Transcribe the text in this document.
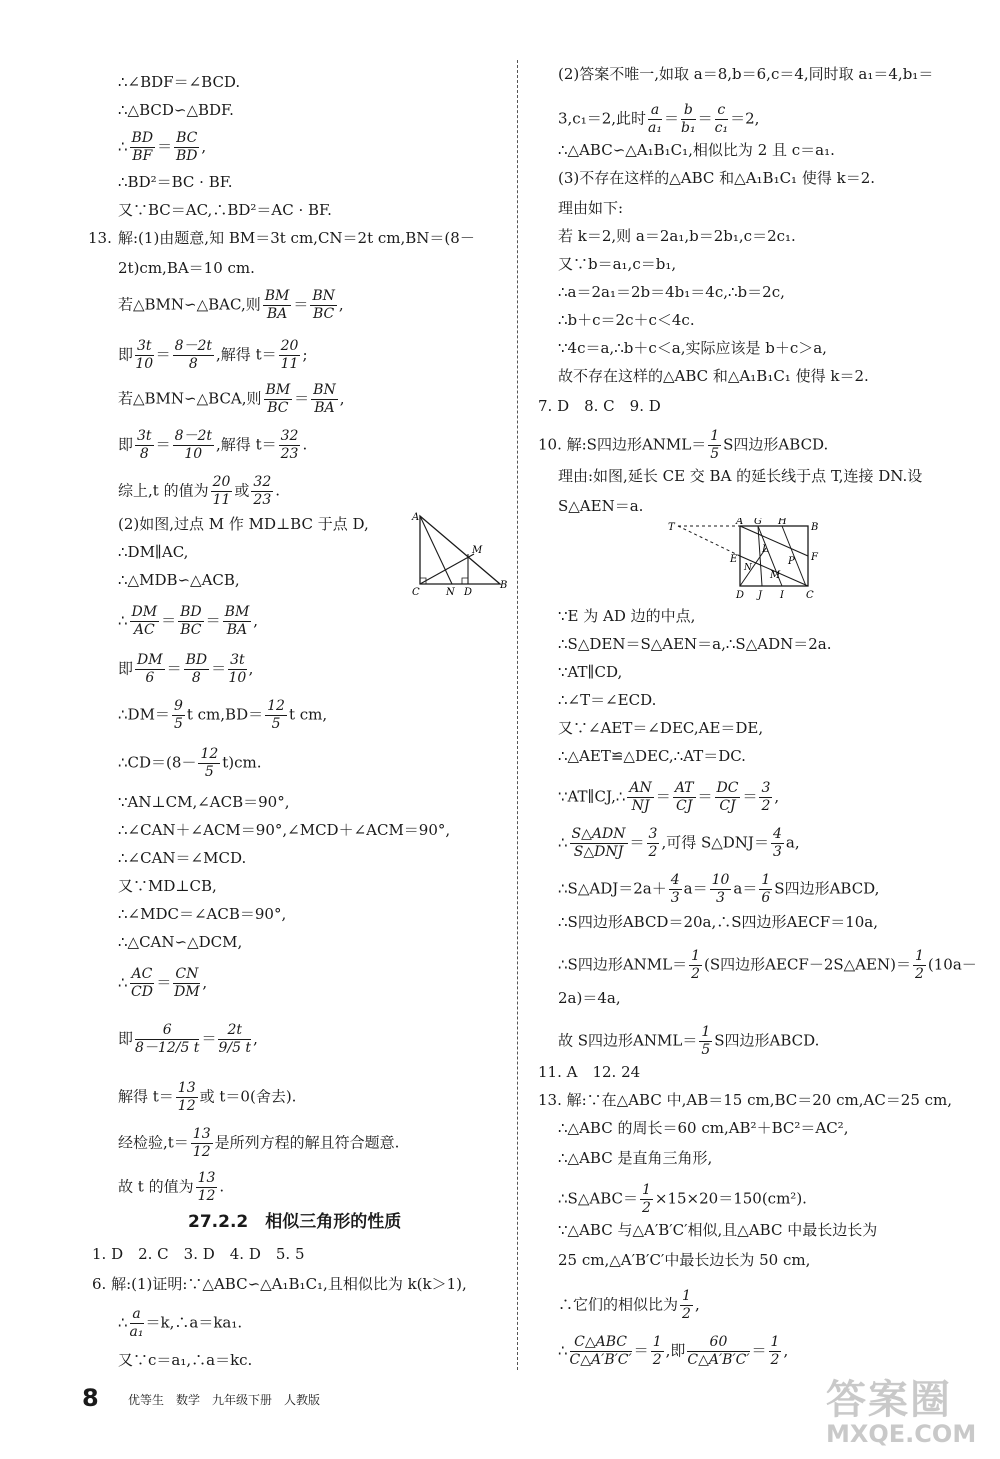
∴∠BDF＝∠BCD.
∴△BCD∽△BDF.
∴ $\frac{BD}{BF} = \frac{BC}{BD}$ ,
∴BD²＝BC · BF.
又∵BC＝AC,∴BD²＝AC · BF.
13. 解:(1)由题意,知 BM＝3t cm,CN＝2t cm,BN＝(8－
2t)cm,BA＝10 cm.
若△BMN∽△BAC,则 $\frac{BM}{BA} = \frac{BN}{BC}$ ,
即 $\frac{3t}{10} = \frac{8-2t}{8}$ ,解得 $t= \frac{20}{11}$ ;
若△BMN∽△BCA,则 $\frac{BM}{BC} = \frac{BN}{BA}$ ,
即 $\frac{3t}{8} = \frac{8-2t}{10}$ ,解得 $t= \frac{32}{23}$ .
综上,t 的值为 $\frac{20}{11}$ 或 $\frac{32}{23}$ .
(2)如图,过点 M 作 MD⊥BC 于点 D,
∴DM∥AC,
∴△MDB∽△ACB,
∴ $\frac{DM}{AC} = \frac{BD}{BC} = \frac{BM}{BA}$ ,
即 $\frac{DM}{6} = \frac{BD}{8} = \frac{3t}{10}$ ,
∴DM＝ $\frac{9}{5}$ t $cm,BD= \frac{12}{5}$ t cm,
∴CD＝(8－ $\frac{12}{5} t)cm$.
∵AN⊥CM,∠ACB＝90°,
∴∠CAN＋∠ACM＝90°,∠MCD＋∠ACM＝90°,
∴∠CAN＝∠MCD.
又∵MD⊥CB,
∴∠MDC＝∠ACB＝90°,
∴△CAN∽△DCM,
∴ $\frac{AC}{CD} = \frac{CN}{DM}$ ,
即 $\frac{6}{8-12/5 t} = \frac{2t}{9/5 t}$ ,
解得 $t= \frac{13}{12}$ 或 t＝0(舍去).
经检验$,t= \frac{13}{12}$ 是所列方程的解且符合题意.
故 t 的值为 $\frac{13}{12}$ .
27.2.2　相似三角形的性质
1. D　2. C　3. D　4. D　5. 5
6. 解:(1)证明:∵△ABC∽△A₁B₁C₁,且相似比为 k(k＞1),
∴ $\frac{a}{\text{a₁}}$ ＝k,∴a＝ka₁.
又∵c＝a₁,∴a＝kc.
A
M
C	N D
B
(2)答案不唯一,如取 a＝8,b＝6,c＝4,同时取 a₁＝4,b₁＝
3,c₁＝2,此时 $\frac{a}{\text{a₁}} = \frac{b}{\text{b₁}} = \frac{c}{\text{c₁}} =2$,
∴△ABC∽△A₁B₁C₁,相似比为 2 且 c＝a₁.
(3)不存在这样的△ABC 和△A₁B₁C₁ 使得 k＝2.
理由如下:
若 k＝2,则 a＝2a₁,b＝2b₁,c＝2c₁.
又∵b＝a₁,c＝b₁,
∴a＝2a₁＝2b＝4b₁＝4c,∴b＝2c,
∴b＋c＝2c＋c＜4c.
∵4c＝a,∴b＋c＜a,实际应该是 b＋c＞a,
故不存在这样的△ABC 和△A₁B₁C₁ 使得 k＝2.
7. D　8. C　9. D
10. 解:S四边形ANML＝ $\frac{1}{5}$ S四边形ABCD.
理由:如图,延长 CE 交 BA 的延长线于点 T,连接 DN.设
S△AEN＝a.
T
A G H
B
L
F
E
N
P
M
D J I C
∵E 为 AD 边的中点,
∴S△DEN＝S△AEN＝a,∴S△ADN＝2a.
∵AT∥CD,
∴∠T＝∠ECD.
又∵∠AET＝∠DEC,AE＝DE,
∴△AET≌△DEC,∴AT＝DC.
∵AT∥CJ,∴ $\frac{AN}{NJ} = \frac{AT}{CJ} = \frac{DC}{CJ} = \frac{3}{2}$ ,
∴ $\frac{\text{S△ADN}}{\text{S△DNJ}} = \frac{3}{2}$ ,可得 S△DNJ＝ $\frac{4}{3} a$,
∴S△ADJ＝2a＋ $\frac{4}{3} a= \frac{10}{3} a= \frac{1}{6}$ S四边形ABCD,
∴S四边形ABCD＝20a,∴S四边形AECF＝10a,
∴S四边形ANML＝ $\frac{1}{2} (S$四边形AECF－2S△AEN)＝ $\frac{1}{2} (10a-$
2a)＝4a,
故 S四边形ANML＝ $\frac{1}{5}$ S四边形ABCD.
11. A　12. 24
13. 解:∵在△ABC 中,AB＝15 cm,BC＝20 cm,AC＝25 cm,
∴△ABC 的周长＝60 cm,AB²＋BC²＝AC²,
∴△ABC 是直角三角形,
∴S△ABC＝ $\frac{1}{2} \times 15\times 20=150(cm^2)$.
∵△ABC 与△A′B′C′相似,且△ABC 中最长边长为
25 cm,△A′B′C′中最长边长为 50 cm,
∴它们的相似比为 $\frac{1}{2}$ ,
∴ $\frac{\text{C△ABC}}{C\triangle A'B'C'} = \frac{1}{2}$ ,即 $\frac{60}{C\triangle A'B'C'} = \frac{1}{2}$ ,
8 优等生　数学　九年级下册　人教版	答案圈
MXQE.COM
